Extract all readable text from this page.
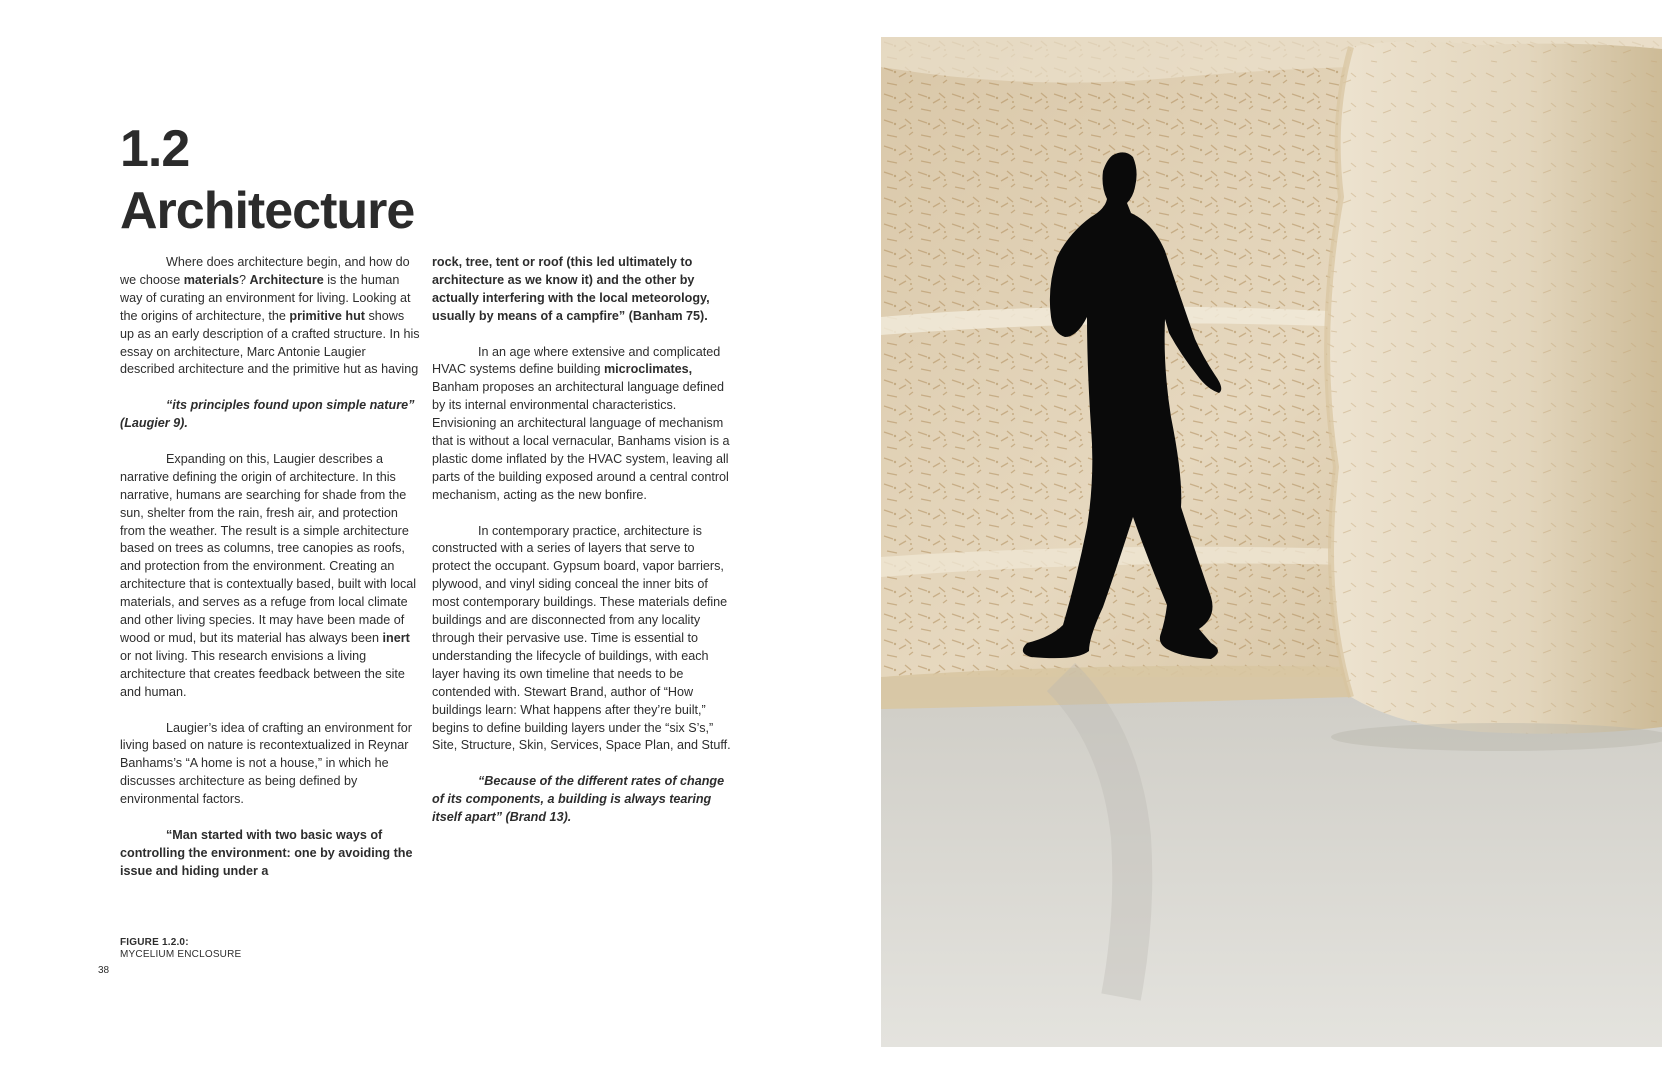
1.2
Architecture

Where does architecture begin, and how do we choose materials? Architecture is the human way of curating an environment for living. Looking at the origins of architecture, the primitive hut shows up as an early description of a crafted structure. In his essay on architecture, Marc Antonie Laugier described architecture and the primitive hut as having

“its principles found upon simple nature” (Laugier 9).

Expanding on this, Laugier describes a narrative defining the origin of architecture. In this narrative, humans are searching for shade from the sun, shelter from the rain, fresh air, and protection from the weather. The result is a simple architecture based on trees as columns, tree canopies as roofs, and protection from the environment. Creating an architecture that is contextually based, built with local materials, and serves as a refuge from local climate and other living species. It may have been made of wood or mud, but its material has always been inert or not living. This research envisions a living architecture that creates feedback between the site and human.

Laugier’s idea of crafting an environment for living based on nature is recontextualized in Reynar Banhams’s “A home is not a house,” in which he discusses architecture as being defined by environmental factors.

“Man started with two basic ways of controlling the environment: one by avoiding the issue and hiding under a

rock, tree, tent or roof (this led ultimately to architecture as we know it) and the other by actually interfering with the local meteorology, usually by means of a campfire” (Banham 75).

In an age where extensive and complicated HVAC systems define building microclimates, Banham proposes an architectural language defined by its internal environmental characteristics. Envisioning an architectural language of mechanism that is without a local vernacular, Banhams vision is a plastic dome inflated by the HVAC system, leaving all parts of the building exposed around a central control mechanism, acting as the new bonfire.

In contemporary practice, architecture is constructed with a series of layers that serve to protect the occupant. Gypsum board, vapor barriers, plywood, and vinyl siding conceal the inner bits of most contemporary buildings. These materials define buildings and are disconnected from any locality through their pervasive use. Time is essential to understanding the lifecycle of buildings, with each layer having its own timeline that needs to be contended with. Stewart Brand, author of “How buildings learn: What happens after they’re built,” begins to define building layers under the “six S’s,” Site, Structure, Skin, Services, Space Plan, and Stuff.

“Because of the different rates of change of its components, a building is always tearing itself apart” (Brand 13).

FIGURE 1.2.0:
MYCELIUM ENCLOSURE
38
